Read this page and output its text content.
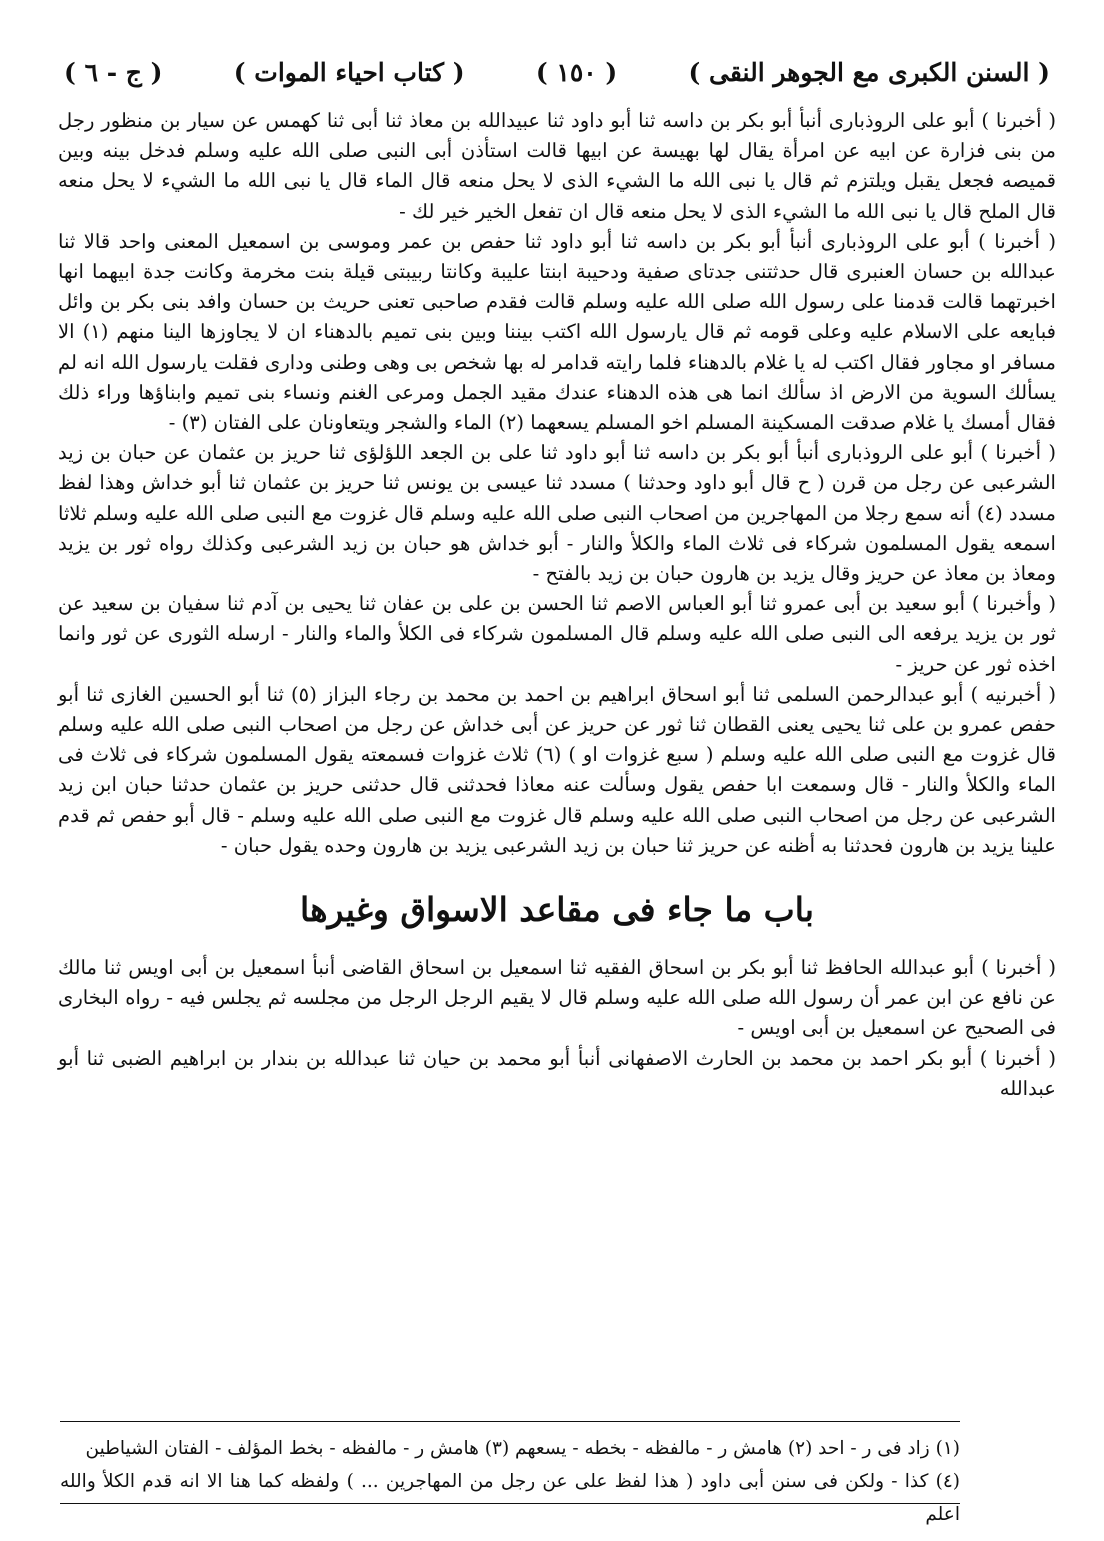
( السنن الكبرى مع الجوهر النقى )
( ١٥٠ )
( كتاب احياء الموات )
( ج - ٦ )

( أخبرنا ) أبو على الروذبارى أنبأ أبو بكر بن داسه ثنا أبو داود ثنا عبيدالله بن معاذ ثنا أبى ثنا كهمس عن سيار بن منظور رجل من بنى فزارة عن ابيه عن امرأة يقال لها بهيسة عن ابيها قالت استأذن أبى النبى صلى الله عليه وسلم فدخل بينه وبين قميصه فجعل يقبل ويلتزم ثم قال يا نبى الله ما الشيء الذى لا يحل منعه قال الماء قال يا نبى الله ما الشيء لا يحل منعه قال الملح قال يا نبى الله ما الشيء الذى لا يحل منعه قال ان تفعل الخير خير لك -

( أخبرنا ) أبو على الروذبارى أنبأ أبو بكر بن داسه ثنا أبو داود ثنا حفص بن عمر وموسى بن اسمعيل المعنى واحد قالا ثنا عبدالله بن حسان العنبرى قال حدثتنى جدتاى صفية ودحيبة ابنتا عليبة وكانتا ربيبتى قيلة بنت مخرمة وكانت جدة ابيهما انها اخبرتهما قالت قدمنا على رسول الله صلى الله عليه وسلم قالت فقدم صاحبى تعنى حريث بن حسان وافد بنى بكر بن وائل فبايعه على الاسلام عليه وعلى قومه ثم قال يارسول الله اكتب بيننا وبين بنى تميم بالدهناء ان لا يجاوزها الينا منهم (١) الا مسافر او مجاور فقال اكتب له يا غلام بالدهناء فلما رايته قدامر له بها شخص بى وهى وطنى ودارى فقلت يارسول الله انه لم يسألك السوية من الارض اذ سألك انما هى هذه الدهناء عندك مقيد الجمل ومرعى الغنم ونساء بنى تميم وابناؤها وراء ذلك فقال أمسك يا غلام صدقت المسكينة المسلم اخو المسلم يسعهما (٢) الماء والشجر ويتعاونان على الفتان (٣) -

( أخبرنا ) أبو على الروذبارى أنبأ أبو بكر بن داسه ثنا أبو داود ثنا على بن الجعد اللؤلؤى ثنا حريز بن عثمان عن حبان بن زيد الشرعبى عن رجل من قرن ( ح قال أبو داود وحدثنا ) مسدد ثنا عيسى بن يونس ثنا حريز بن عثمان ثنا أبو خداش وهذا لفظ مسدد (٤) أنه سمع رجلا من المهاجرين من اصحاب النبى صلى الله عليه وسلم قال غزوت مع النبى صلى الله عليه وسلم ثلاثا اسمعه يقول المسلمون شركاء فى ثلاث الماء والكلأ والنار - أبو خداش هو حبان بن زيد الشرعبى وكذلك رواه ثور بن يزيد ومعاذ بن معاذ عن حريز وقال يزيد بن هارون حبان بن زيد بالفتح -

( وأخبرنا ) أبو سعيد بن أبى عمرو ثنا أبو العباس الاصم ثنا الحسن بن على بن عفان ثنا يحيى بن آدم ثنا سفيان بن سعيد عن ثور بن يزيد يرفعه الى النبى صلى الله عليه وسلم قال المسلمون شركاء فى الكلأ والماء والنار - ارسله الثورى عن ثور وانما اخذه ثور عن حريز -

( أخبرنيه ) أبو عبدالرحمن السلمى ثنا أبو اسحاق ابراهيم بن احمد بن محمد بن رجاء البزاز (٥) ثنا أبو الحسين الغازى ثنا أبو حفص عمرو بن على ثنا يحيى يعنى القطان ثنا ثور عن حريز عن أبى خداش عن رجل من اصحاب النبى صلى الله عليه وسلم قال غزوت مع النبى صلى الله عليه وسلم ( سبع غزوات او ) (٦) ثلاث غزوات فسمعته يقول المسلمون شركاء فى ثلاث فى الماء والكلأ والنار - قال وسمعت ابا حفص يقول وسألت عنه معاذا فحدثنى قال حدثنى حريز بن عثمان حدثنا حبان ابن زيد الشرعبى عن رجل من اصحاب النبى صلى الله عليه وسلم قال غزوت مع النبى صلى الله عليه وسلم - قال أبو حفص ثم قدم علينا يزيد بن هارون فحدثنا به أظنه عن حريز ثنا حبان بن زيد الشرعبى يزيد بن هارون وحده يقول حبان -

باب ما جاء فى مقاعد الاسواق وغيرها

( أخبرنا ) أبو عبدالله الحافظ ثنا أبو بكر بن اسحاق الفقيه ثنا اسمعيل بن اسحاق القاضى أنبأ اسمعيل بن أبى اويس ثنا مالك عن نافع عن ابن عمر أن رسول الله صلى الله عليه وسلم قال لا يقيم الرجل الرجل من مجلسه ثم يجلس فيه - رواه البخارى فى الصحيح عن اسمعيل بن أبى اويس -

( أخبرنا ) أبو بكر احمد بن محمد بن الحارث الاصفهانى أنبأ أبو محمد بن حيان ثنا عبدالله بن بندار بن ابراهيم الضبى ثنا أبو عبدالله

(١) زاد فى ر - احد (٢) هامش ر - مالفظه - بخطه - يسعهم (٣) هامش ر - مالفظه - بخط المؤلف - الفتان الشياطين

(٤) كذا - ولكن فى سنن أبى داود ( هذا لفظ على عن رجل من المهاجرين ... ) ولفظه كما هنا الا انه قدم الكلأ والله اعلم
